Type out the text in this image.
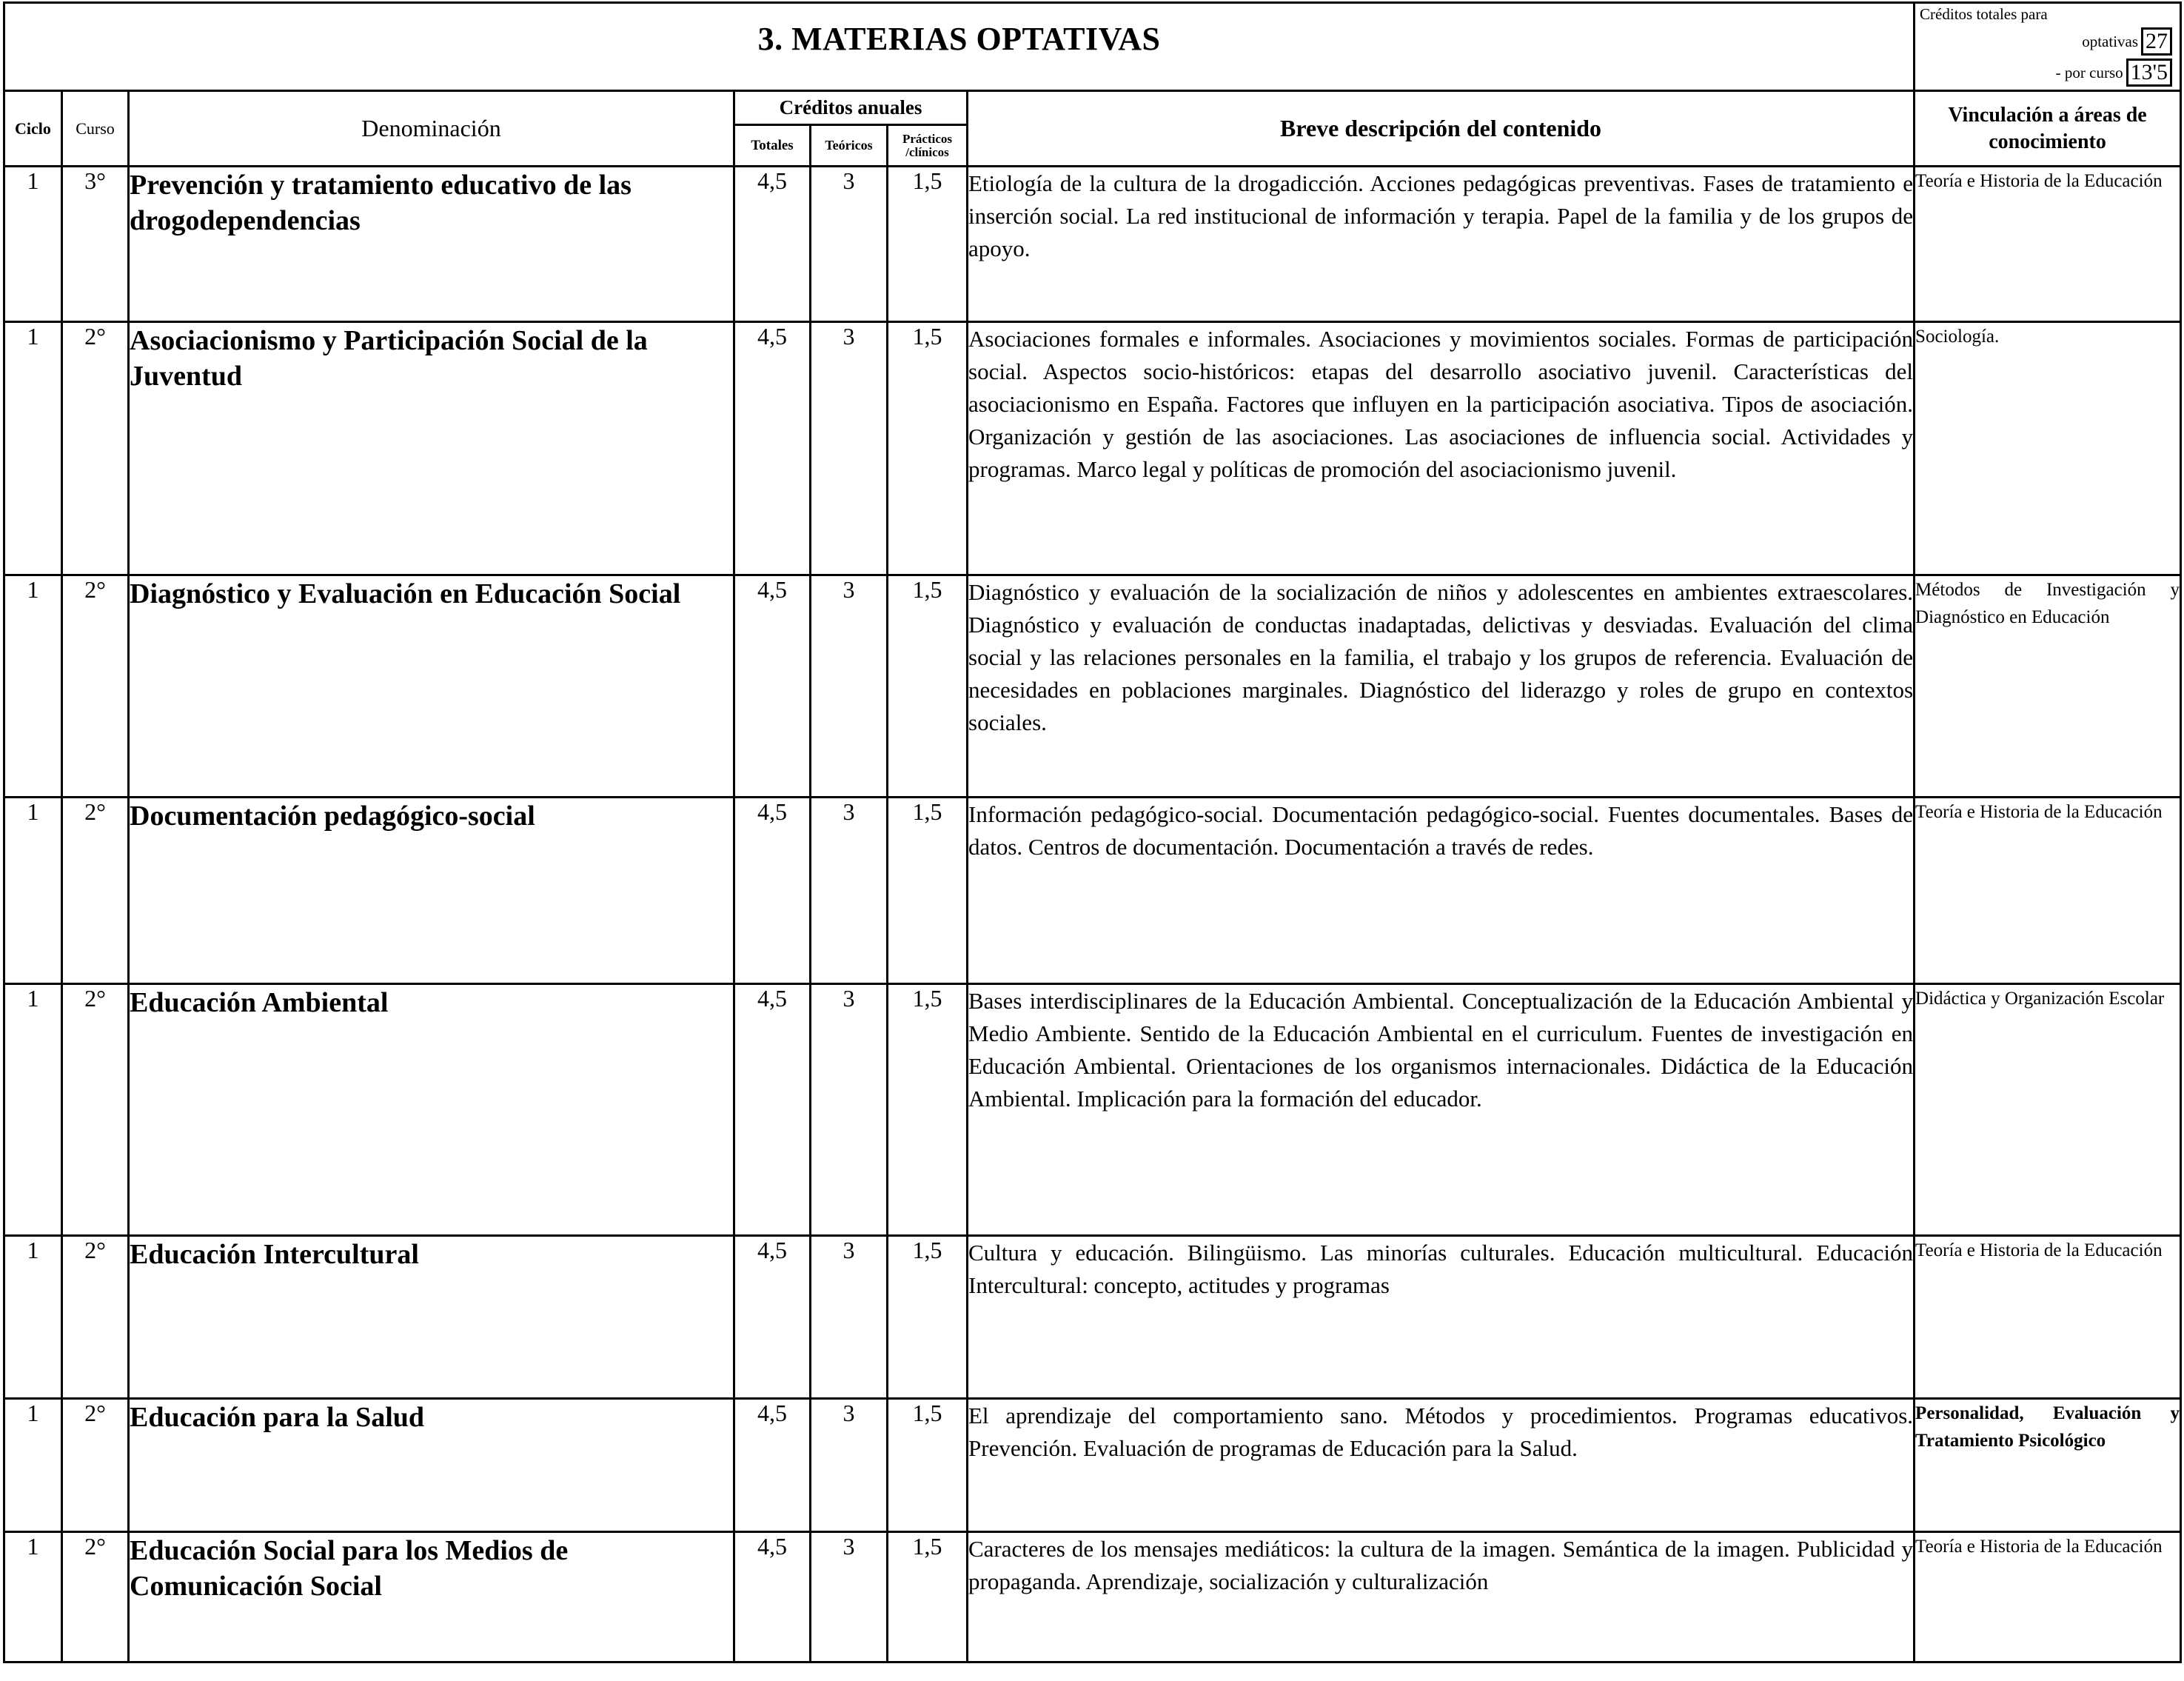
3. MATERIAS OPTATIVAS							Créditos totales para
optativas 27
- por curso 13'5

Ciclo	Curso	Denominación	Créditos anuales			Breve descripción del contenido	Vinculación a áreas de conocimiento
			Totales	Teóricos	Prácticos /clínicos		
1	3°	Prevención y tratamiento educativo de las drogodependencias	4,5	3	1,5	Etiología de la cultura de la drogadicción. Acciones pedagógicas preventivas. Fases de tratamiento e inserción social. La red institucional de información y terapia. Papel de la familia y de los grupos de apoyo.	Teoría e Historia de la Educación
1	2°	Asociacionismo y Participación Social de la Juventud	4,5	3	1,5	Asociaciones formales e informales. Asociaciones y movimientos sociales. Formas de participación social. Aspectos socio-históricos: etapas del desarrollo asociativo juvenil. Características del asociacionismo en España. Factores que influyen en la participación asociativa. Tipos de asociación. Organización y gestión de las asociaciones. Las asociaciones de influencia social. Actividades y programas. Marco legal y políticas de promoción del asociacionismo juvenil.	Sociología.
1	2°	Diagnóstico y Evaluación en Educación Social	4,5	3	1,5	Diagnóstico y evaluación de la socialización de niños y adolescentes en ambientes extraescolares. Diagnóstico y evaluación de conductas inadaptadas, delictivas y desviadas. Evaluación del clima social y las relaciones personales en la familia, el trabajo y los grupos de referencia. Evaluación de necesidades en poblaciones marginales. Diagnóstico del liderazgo y roles de grupo en contextos sociales.	Métodos de Investigación y Diagnóstico en Educación
1	2°	Documentación pedagógico-social	4,5	3	1,5	Información pedagógico-social. Documentación pedagógico-social. Fuentes documentales. Bases de datos. Centros de documentación. Documentación a través de redes.	Teoría e Historia de la Educación
1	2°	Educación Ambiental	4,5	3	1,5	Bases interdisciplinares de la Educación Ambiental. Conceptualización de la Educación Ambiental y Medio Ambiente. Sentido de la Educación Ambiental en el curriculum. Fuentes de investigación en Educación Ambiental. Orientaciones de los organismos internacionales. Didáctica de la Educación Ambiental. Implicación para la formación del educador.	Didáctica y Organización Escolar
1	2°	Educación Intercultural	4,5	3	1,5	Cultura y educación. Bilingüismo. Las minorías culturales. Educación multicultural. Educación Intercultural: concepto, actitudes y programas	Teoría e Historia de la Educación
1	2°	Educación para la Salud	4,5	3	1,5	El aprendizaje del comportamiento sano. Métodos y procedimientos. Programas educativos. Prevención. Evaluación de programas de Educación para la Salud.	Personalidad, Evaluación y Tratamiento Psicológico
1	2°	Educación Social para los Medios de Comunicación Social	4,5	3	1,5	Caracteres de los mensajes mediáticos: la cultura de la imagen. Semántica de la imagen. Publicidad y propaganda. Aprendizaje, socialización y culturalización	Teoría e Historia de la Educación
